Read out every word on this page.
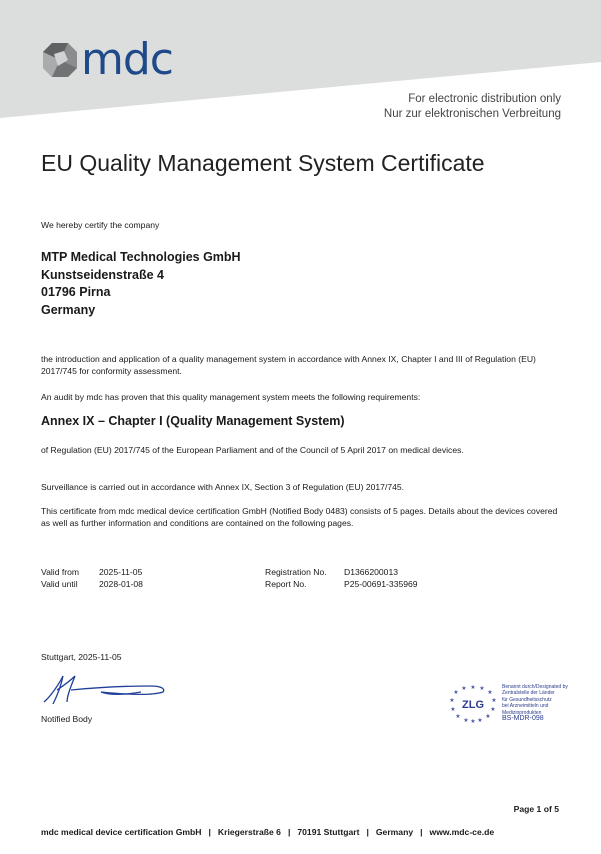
mdc
For electronic distribution only
Nur zur elektronischen Verbreitung
EU Quality Management System Certificate
We hereby certify the company
MTP Medical Technologies GmbH
Kunstseidenstraße 4
01796 Pirna
Germany
the introduction and application of a quality management system in accordance with Annex IX, Chapter I and III of Regulation (EU) 2017/745 for conformity assessment.
An audit by mdc has proven that this quality management system meets the following requirements:
Annex IX – Chapter I (Quality Management System)
of Regulation (EU) 2017/745 of the European Parliament and of the Council of 5 April 2017 on medical devices.
Surveillance is carried out in accordance with Annex IX, Section 3 of Regulation (EU) 2017/745.
This certificate from mdc medical device certification GmbH (Notified Body 0483) consists of 5 pages. Details about the devices covered as well as further information and conditions are contained on the following pages.
Valid from	2025-11-05
Valid until	2028-01-08
Registration No.	D1366200013
Report No.	P25-00691-335969
Stuttgart, 2025-11-05
Notified Body
★
★ ★
★	★
★	★
★	★
★	★
★ ★ ★
ZLG
Benannt durch/Designated by
Zentralstelle der Länder
für Gesundheitsschutz
bei Arzneimitteln und
Medizinprodukten
BS-MDR-098
Page 1 of 5
mdc medical device certification GmbH | Kriegerstraße 6 | 70191 Stuttgart | Germany | www.mdc-ce.de
